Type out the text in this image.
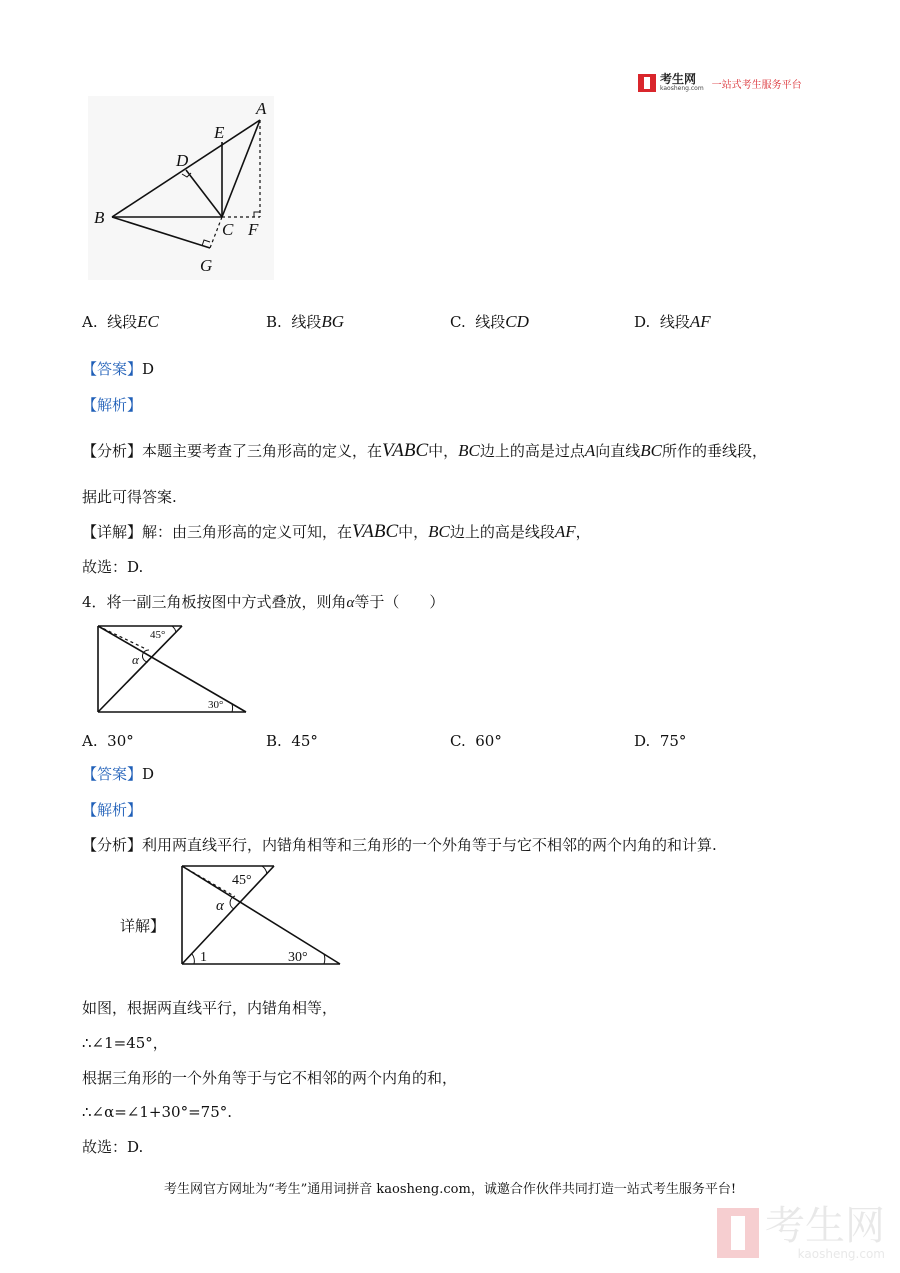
考生网
kaosheng.com 一站式考生服务平台
A
E
D
B
C F
G
A. 线段EC	B. 线段BG	C. 线段CD	D. 线段AF
【答案】D
【解析】
【分析】本题主要考查了三角形高的定义，在VABC中，BC边上的高是过点A向直线BC所作的垂线段，
据此可得答案.
【详解】解：由三角形高的定义可知，在VABC中，BC边上的高是线段AF，
故选：D.
4．将一副三角板按图中方式叠放，则角α等于（　　）
45°
α
30°
A. 30°	B. 45°	C. 60°	D. 75°
【答案】D
【解析】
【分析】利用两直线平行，内错角相等和三角形的一个外角等于与它不相邻的两个内角的和计算.
详解】
45°
α
1	30°
如图，根据两直线平行，内错角相等，
∴∠1=45°，
根据三角形的一个外角等于与它不相邻的两个内角的和，
∴∠α=∠1+30°=75°.
故选：D.
考生网官方网址为“考生”通用词拼音 kaosheng.com，诚邀合作伙伴共同打造一站式考生服务平台!
考生网
kaosheng.com
